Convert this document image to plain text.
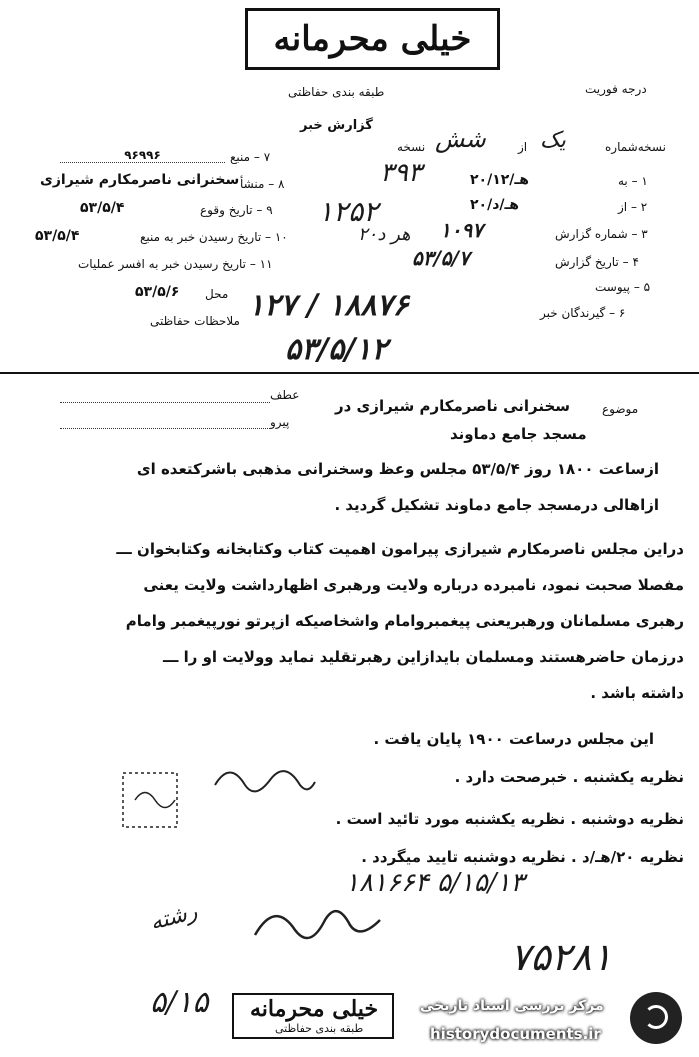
خیلی محرمانه
طبقه بندی حفاظتی	درجه فوریت
گزارش خبر
نسخه‌شماره
یک
از
شش
نسخه
۷ – منبع
۹۶۹۹۶
۸ – منشأ
سخنرانی ناصرمکارم شیرازی
۹ – تاریخ وقوع
۵۳/۵/۴
۱۰ – تاریخ رسیدن خبر به منبع
۵۳/۵/۴
۱۱ – تاریخ رسیدن خبر به افسر عملیات
محل
۵۳/۵/۶
ملاحظات حفاظتی
۱ – به
۲۰/هـ/۱۲
۲ – از
۲۰/هـ/د
۳ – شماره گزارش
۱۰۹۷
۴ – تاریخ گزارش
۵۳/۵/۷
۵ – پیوست
۶ – گیرندگان خبر
۳۹۳
۱۲۵۲
۲۰هر د
۱۲۷ / ۱۸۸۷۶
۵۳/۵/۱۲
موضوع
سخنرانی ناصرمکارم شیرازی در
مسجد جامع دماوند
عطف
پیرو
ازساعت ۱۸۰۰ روز ۵۳/۵/۴ مجلس وعظ وسخنرانی مذهبی باشرکتعده ای
ازاهالی درمسجد جامع دماوند تشکیل گردید .
دراین مجلس ناصرمکارم شیرازی پیرامون اهمیت کتاب وکتابخانه وکتابخوان ـــ
مفصلا صحبت نمود، نامبرده درباره ولایت ورهبری اظهارداشت ولایت یعنی
رهبری مسلمانان ورهبریعنی پیغمبروامام واشخاصیکه ازپرتو نورپیغمبر وامام
درزمان حاضرهستند ومسلمان بایدازاین رهبرتقلید نماید وولایت او را ـــ
داشته باشد .
این مجلس درساعت ۱۹۰۰ پایان یافت .
نظریه یکشنبه . خبرصحت دارد .
نظریه دوشنبه . نظریه یکشنبه مورد تائید است .
نظریه ۲۰/هـ/د . نظریه دوشنبه تایید میگردد .
۱۸۱۶۶۴ ۵/۱۵/۱۳
۷۵۲۸۱
رشته
۵/۱۵ خیلی محرمانه
طبقه بندی حفاظتی
مرکز بررسی اسناد تاریخی
historydocuments.ir
